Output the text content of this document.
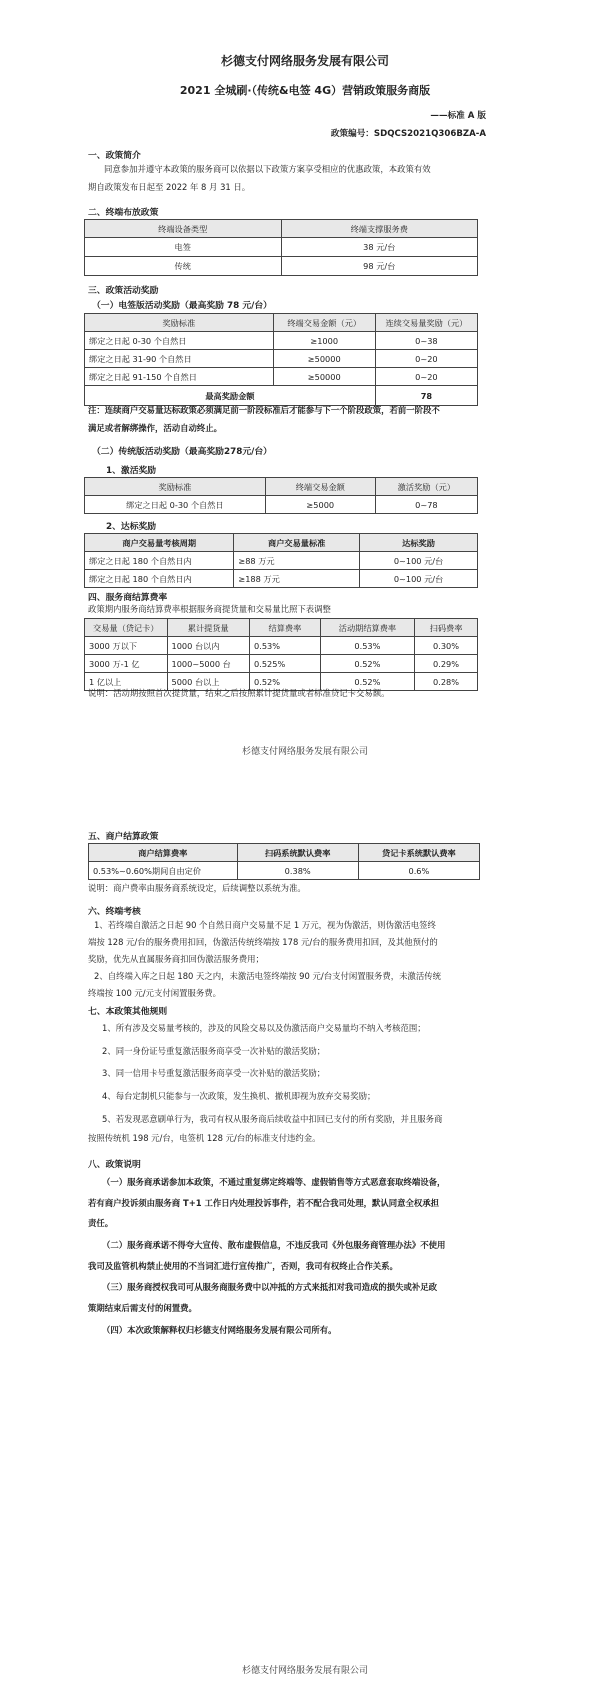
杉德支付网络服务发展有限公司
2021 全城刷·（传统&电签 4G）营销政策服务商版
——标准 A 版
政策编号：SDQCS2021Q306BZA-A
一、政策简介
同意参加并遵守本政策的服务商可以依据以下政策方案享受相应的优惠政策，本政策有效
期自政策发布日起至 2022 年 8 月 31 日。
二、终端布放政策
终端设备类型	终端支撑服务费
电签	38 元/台
传统	98 元/台
三、政策活动奖励
（一）电签版活动奖励（最高奖励 78 元/台）
奖励标准	终端交易金额（元）	连续交易量奖励（元）
绑定之日起 0-30 个自然日	≥1000	0~38
绑定之日起 31-90 个自然日	≥50000	0~20
绑定之日起 91-150 个自然日	≥50000	0~20
最高奖励金额		78
注：连续商户交易量达标政策必须满足前一阶段标准后才能参与下一个阶段政策，若前一阶段不
满足或者解绑操作，活动自动终止。
（二）传统版活动奖励（最高奖励278元/台）
1、激活奖励
奖励标准	终端交易金额	激活奖励（元）
绑定之日起 0-30 个自然日	≥5000	0~78
2、达标奖励
商户交易量考核周期	商户交易量标准	达标奖励
绑定之日起 180 个自然日内	≥88 万元	0~100 元/台
绑定之日起 180 个自然日内	≥188 万元	0~100 元/台
四、服务商结算费率
政策期内服务商结算费率根据服务商提货量和交易量比照下表调整
交易量（贷记卡）	累计提货量	结算费率	活动期结算费率	扫码费率
3000 万以下	1000 台以内	0.53%	0.53%	0.30%
3000 万-1 亿	1000~5000 台	0.525%	0.52%	0.29%
1 亿以上	5000 台以上	0.52%	0.52%	0.28%
说明：活动期按照首次提货量，结束之后按照累计提货量或者标准贷记卡交易额。
杉德支付网络服务发展有限公司
五、商户结算政策
商户结算费率	扫码系统默认费率	贷记卡系统默认费率
0.53%~0.60%期间自由定价	0.38%	0.6%
说明：商户费率由服务商系统设定，后续调整以系统为准。
六、终端考核
1、若终端自激活之日起 90 个自然日商户交易量不足 1 万元，视为伪激活，则伪激活电签终
端按 128 元/台的服务费用扣回，伪激活传统终端按 178 元/台的服务费用扣回，及其他预付的
奖励，优先从直属服务商扣回伪激活服务费用；
2、自终端入库之日起 180 天之内，未激活电签终端按 90 元/台支付闲置服务费，未激活传统
终端按 100 元/元支付闲置服务费。
七、本政策其他规则
1、所有涉及交易量考核的，涉及的风险交易以及伪激活商户交易量均不纳入考核范围；
2、同一身份证号重复激活服务商享受一次补贴的激活奖励；
3、同一信用卡号重复激活服务商享受一次补贴的激活奖励；
4、每台定制机只能参与一次政策，发生换机、撤机即视为放弃交易奖励；
5、若发现恶意刷单行为，我司有权从服务商后续收益中扣回已支付的所有奖励，并且服务商
按照传统机 198 元/台，电签机 128 元/台的标准支付违约金。
八、政策说明
（一）服务商承诺参加本政策，不通过重复绑定终端等、虚假销售等方式恶意套取终端设备，
若有商户投诉须由服务商 T+1 工作日内处理投诉事件，若不配合我司处理，默认同意全权承担
责任。
（二）服务商承诺不得夸大宣传、散布虚假信息，不违反我司《外包服务商管理办法》不使用
我司及监管机构禁止使用的不当词汇进行宣传推广，否则，我司有权终止合作关系。
（三）服务商授权我司可从服务商服务费中以冲抵的方式来抵扣对我司造成的损失或补足政
策期结束后需支付的闲置费。
（四）本次政策解释权归杉德支付网络服务发展有限公司所有。
杉德支付网络服务发展有限公司
